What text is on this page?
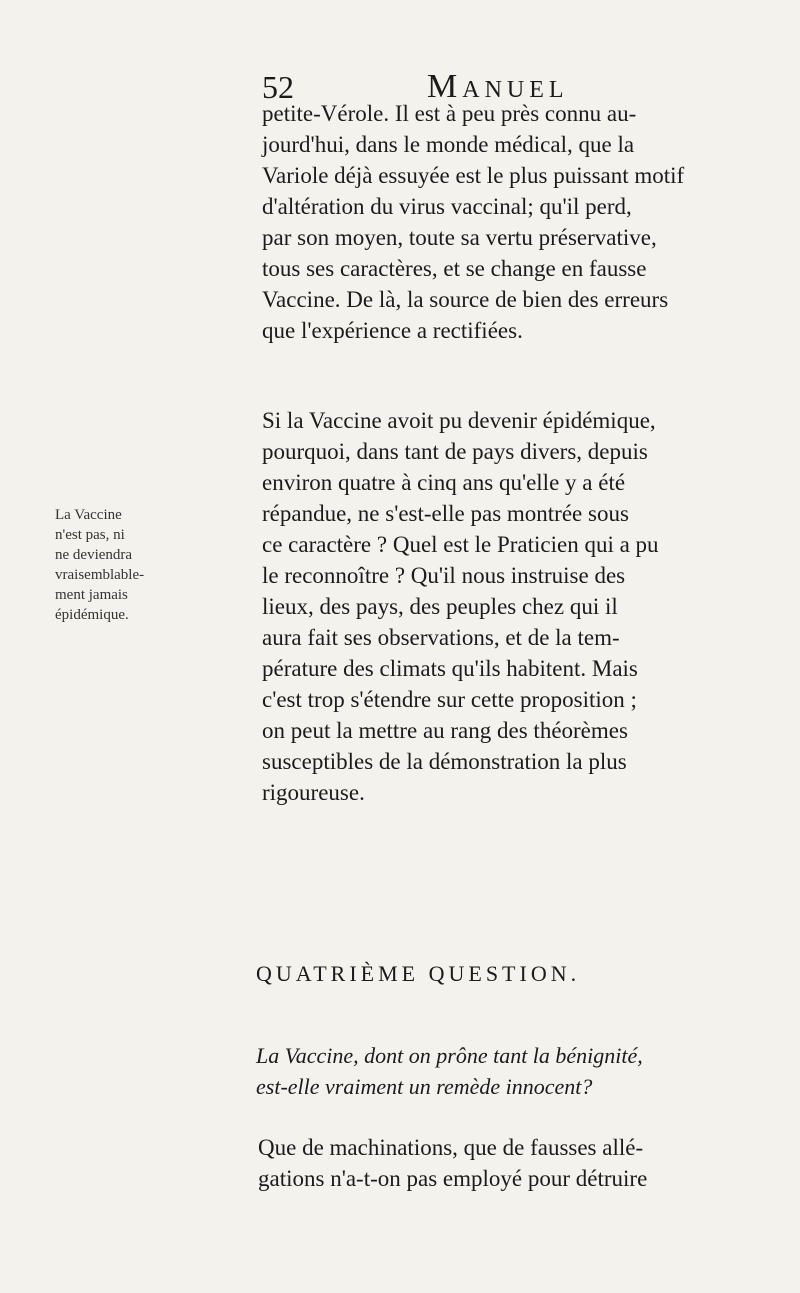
52	Manuel
petite-Vérole. Il est à peu près connu au-
jourd'hui, dans le monde médical, que la
Variole déjà essuyée est le plus puissant motif
d'altération du virus vaccinal; qu'il perd,
par son moyen, toute sa vertu préservative,
tous ses caractères, et se change en fausse
Vaccine. De là, la source de bien des erreurs
que l'expérience a rectifiées.
La Vaccine
n'est pas, ni
ne deviendra
vraisemblable-
ment jamais
épidémique.
Si la Vaccine avoit pu devenir épidémique,
pourquoi, dans tant de pays divers, depuis
environ quatre à cinq ans qu'elle y a été
répandue, ne s'est-elle pas montrée sous
ce caractère ? Quel est le Praticien qui a pu
le reconnoître ? Qu'il nous instruise des
lieux, des pays, des peuples chez qui il
aura fait ses observations, et de la tem-
pérature des climats qu'ils habitent. Mais
c'est trop s'étendre sur cette proposition ;
on peut la mettre au rang des théorèmes
susceptibles de la démonstration la plus
rigoureuse.
QUATRIÈME QUESTION.
La Vaccine, dont on prône tant la bénignité,
est-elle vraiment un remède innocent?
Que de machinations, que de fausses allé-
gations n'a-t-on pas employé pour détruire
